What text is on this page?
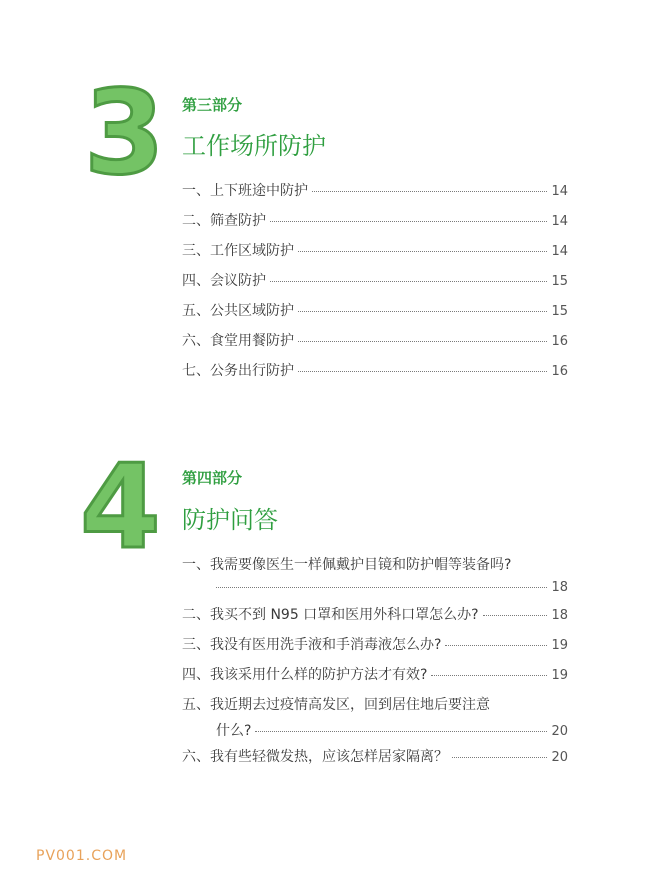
3 第三部分
工作场所防护
一、上下班途中防护	14
二、筛查防护	14
三、工作区域防护	14
四、会议防护	15
五、公共区域防护	15
六、食堂用餐防护	16
七、公务出行防护	16
4 第四部分
防护问答
一、我需要像医生一样佩戴护目镜和防护帽等装备吗?
18
二、我买不到 N95 口罩和医用外科口罩怎么办?	18
三、我没有医用洗手液和手消毒液怎么办?	19
四、我该采用什么样的防护方法才有效?	19
五、我近期去过疫情高发区，回到居住地后要注意
什么?	20
六、我有些轻微发热，应该怎样居家隔离？	20
PV001.COM
